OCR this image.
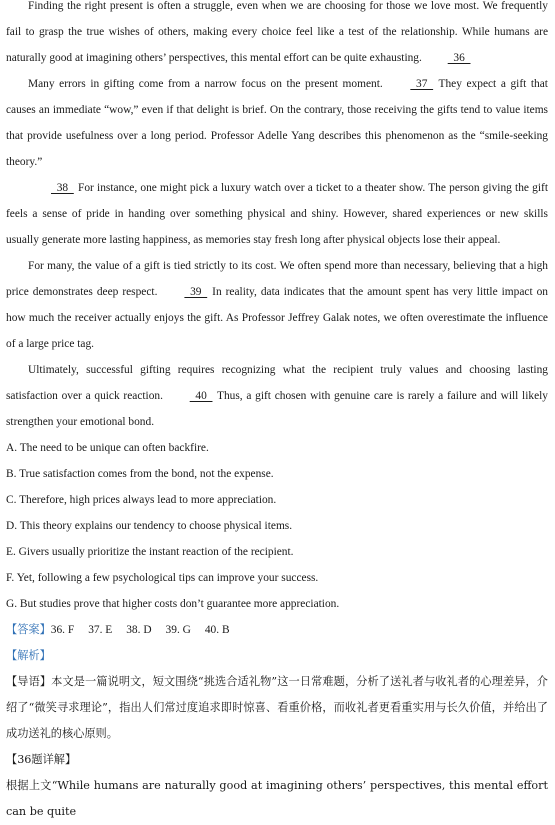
Finding the right present is often a struggle, even when we are choosing for those we love most. We frequently fail to grasp the true wishes of others, making every choice feel like a test of the relationship. While humans are naturally good at imagining others’ perspectives, this mental effort can be quite exhausting.   36

Many errors in gifting come from a narrow focus on the present moment.   37   They expect a gift that causes an immediate “wow,” even if that delight is brief. On the contrary, those receiving the gifts tend to value items that provide usefulness over a long period. Professor Adelle Yang describes this phenomenon as the “smile-seeking theory.”

38   For instance, one might pick a luxury watch over a ticket to a theater show. The person giving the gift feels a sense of pride in handing over something physical and shiny. However, shared experiences or new skills usually generate more lasting happiness, as memories stay fresh long after physical objects lose their appeal.

For many, the value of a gift is tied strictly to its cost. We often spend more than necessary, believing that a high price demonstrates deep respect.   39   In reality, data indicates that the amount spent has very little impact on how much the receiver actually enjoys the gift. As Professor Jeffrey Galak notes, we often overestimate the influence of a large price tag.

Ultimately, successful gifting requires recognizing what the recipient truly values and choosing lasting satisfaction over a quick reaction.   40   Thus, a gift chosen with genuine care is rarely a failure and will likely strengthen your emotional bond.

A. The need to be unique can often backfire.

B. True satisfaction comes from the bond, not the expense.

C. Therefore, high prices always lead to more appreciation.

D. This theory explains our tendency to choose physical items.

E. Givers usually prioritize the instant reaction of the recipient.

F. Yet, following a few psychological tips can improve your success.

G. But studies prove that higher costs don’t guarantee more appreciation.

【答案】36. F 37. E 38. D 39. G 40. B

【解析】

【导语】本文是一篇说明文，短文围绕“挑选合适礼物”这一日常难题，分析了送礼者与收礼者的心理差异，介绍了“微笑寻求理论”，指出人们常过度追求即时惊喜、看重价格，而收礼者更看重实用与长久价值，并给出了成功送礼的核心原则。

【36题详解】

根据上文“While humans are naturally good at imagining others’ perspectives, this mental effort can be quite
